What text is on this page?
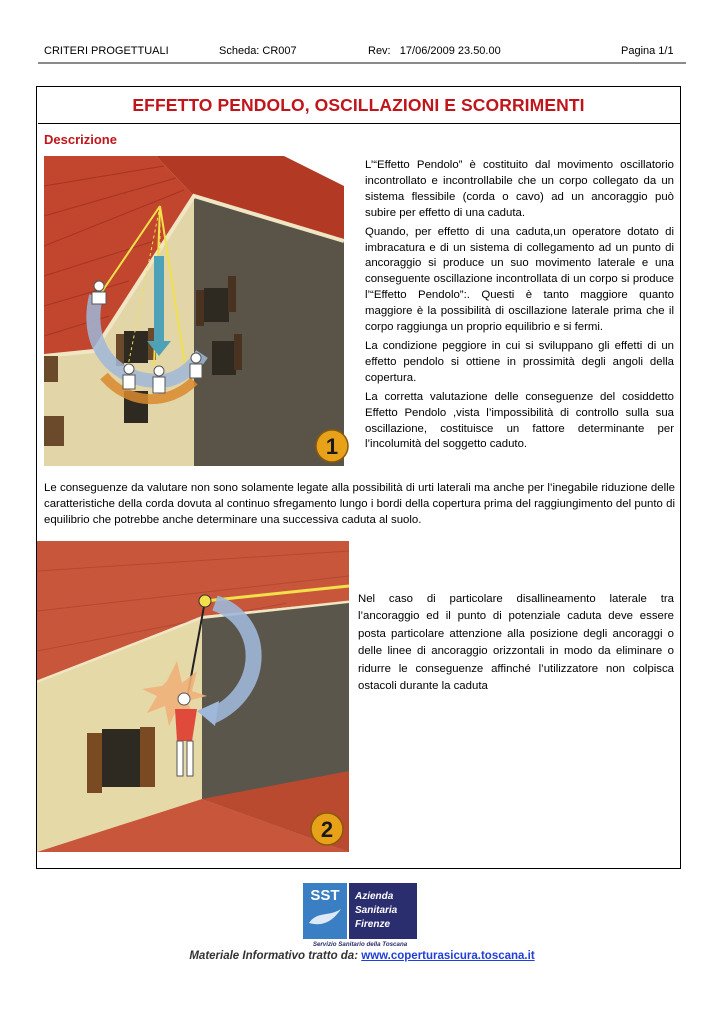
CRITERI PROGETTUALI	Scheda: CR007	Rev:   17/06/2009 23.50.00	Pagina 1/1
EFFETTO PENDOLO, OSCILLAZIONI E SCORRIMENTI
Descrizione
1

L’“Effetto Pendolo” è costituito dal movimento oscillatorio incontrollato e incontrollabile che un corpo collegato da un sistema flessibile (corda o cavo) ad un ancoraggio può subire per effetto di una caduta.

Quando, per effetto di una caduta,un operatore dotato di imbracatura e di un sistema di collegamento ad un punto di ancoraggio si produce un suo movimento laterale e una conseguente oscillazione incontrollata di un corpo si produce l’“Effetto Pendolo”:. Questi è tanto maggiore quanto maggiore è la possibilità di oscillazione laterale prima che il corpo raggiunga un proprio equilibrio e si fermi.

La condizione peggiore in cui si sviluppano gli effetti di un effetto pendolo si ottiene in prossimità degli angoli della copertura.

La corretta valutazione delle conseguenze del cosiddetto Effetto Pendolo ,vista l’impossibilità di controllo sulla sua oscillazione, costituisce un fattore determinante per l’incolumità del soggetto caduto.

Le conseguenze da valutare non sono solamente legate alla possibilità di urti laterali ma anche per l’inegabile riduzione delle caratteristiche della corda dovuta al continuo sfregamento lungo i bordi della copertura prima del raggiungimento del punto di equilibrio che potrebbe anche determinare una successiva caduta al suolo.
2
Nel caso di particolare disallineamento laterale tra l’ancoraggio ed il punto di potenziale caduta deve essere posta particolare attenzione alla posizione degli ancoraggi o delle linee di ancoraggio orizzontali in modo da eliminare o ridurre le conseguenze affinché l’utilizzatore non colpisca ostacoli durante la caduta
SST Azienda
Sanitaria
Firenze
Servizio Sanitario della Toscana
Materiale Informativo tratto da: www.coperturasicura.toscana.it
